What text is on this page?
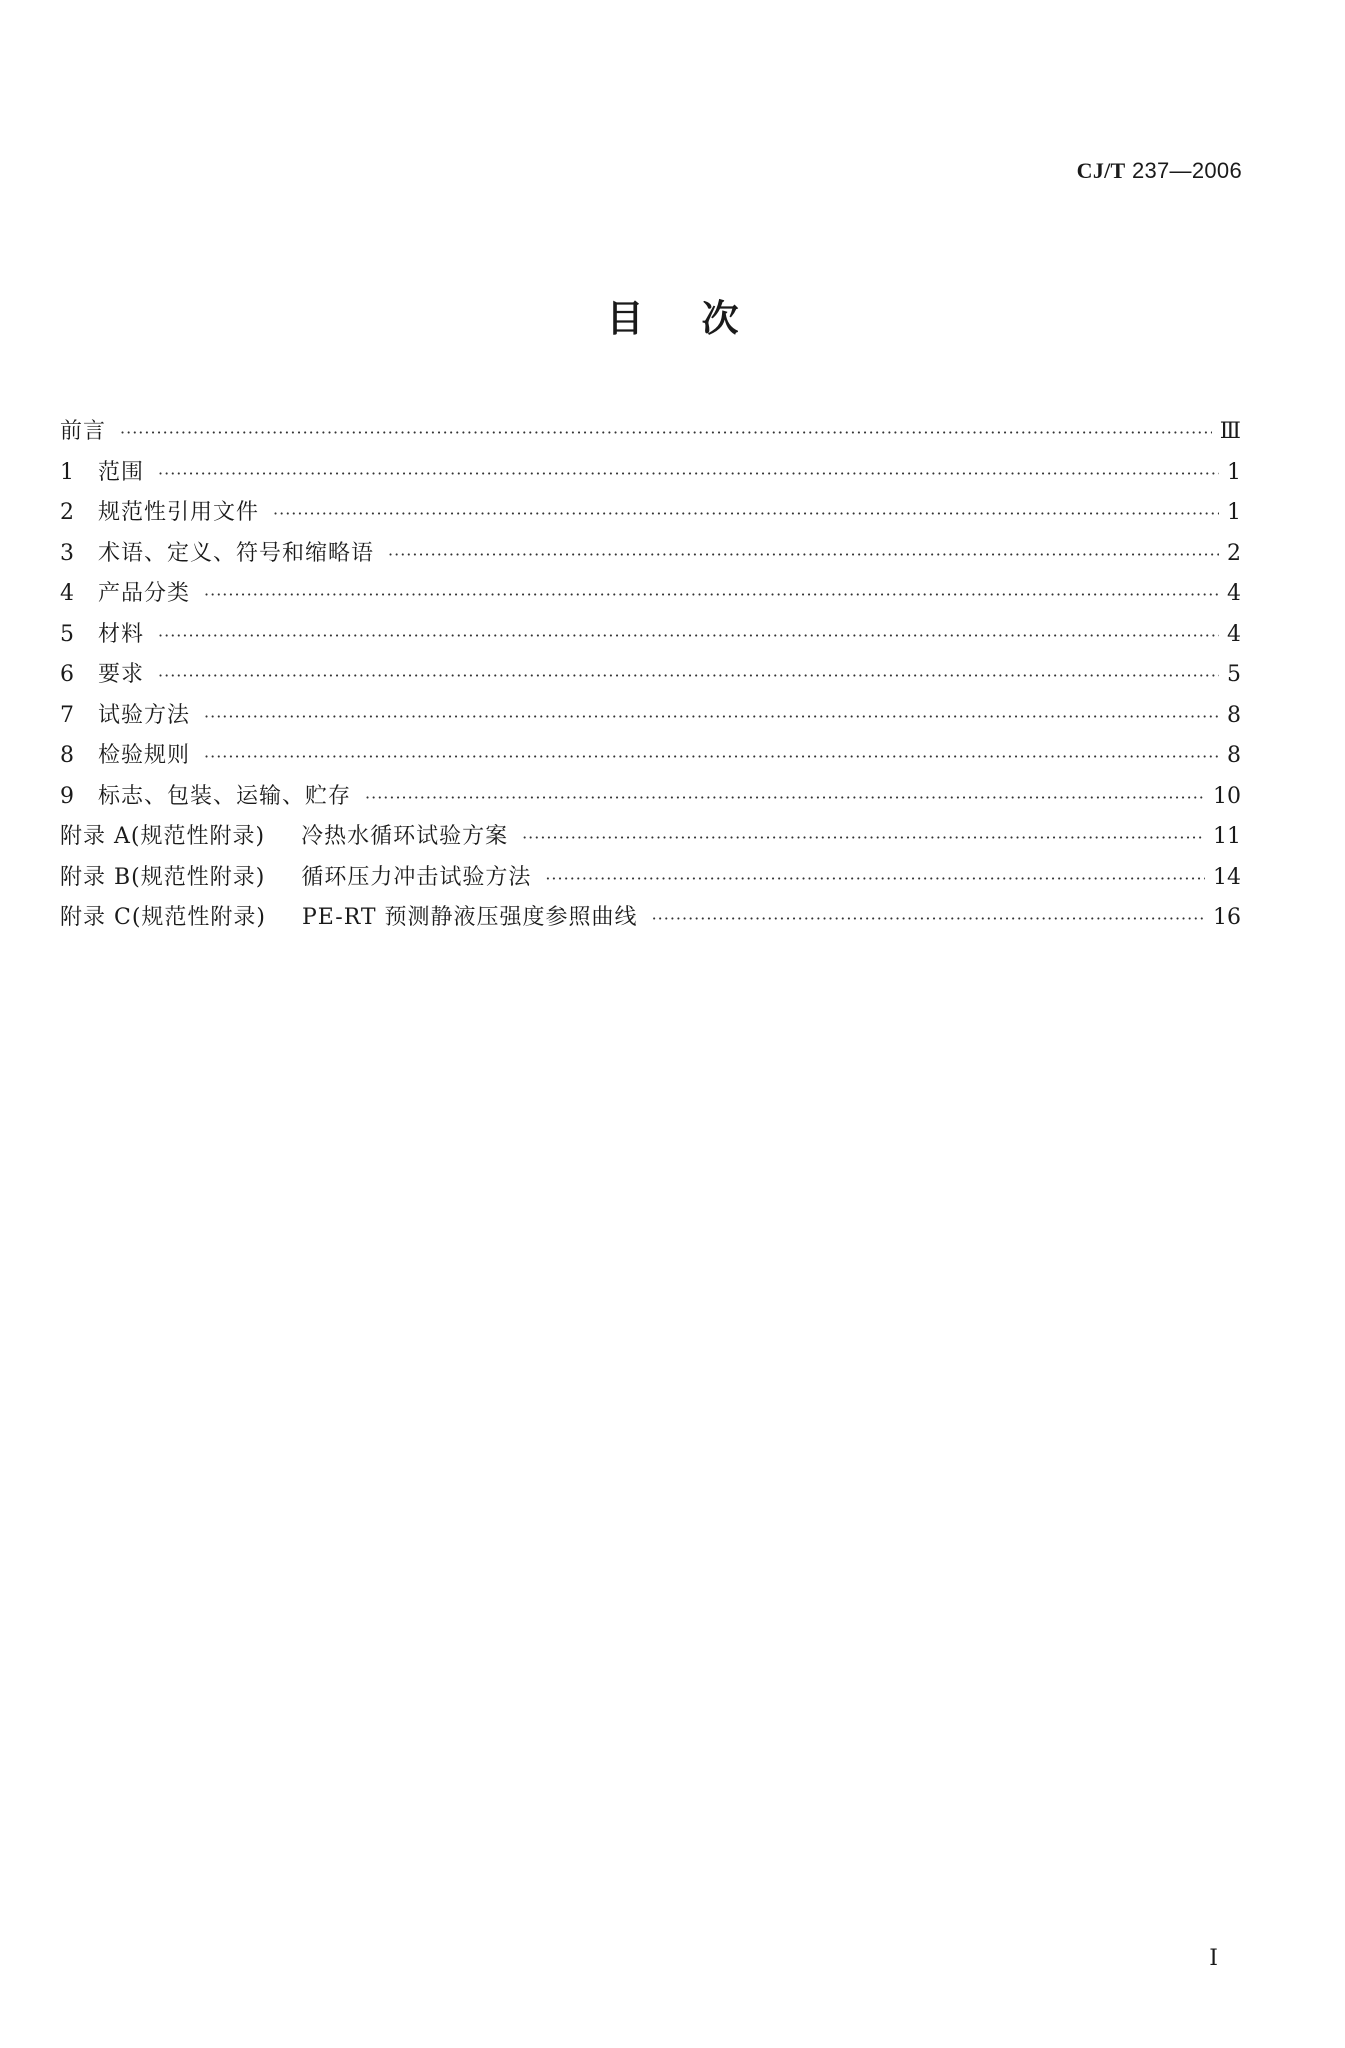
CJ/T 237—2006
目次
前言 ·····	Ⅲ
1	范围 ·····	1
2	规范性引用文件 ·····	1
3	术语、定义、符号和缩略语 ·····	2
4	产品分类 ·····	4
5	材料 ·····	4
6	要求 ·····	5
7	试验方法 ·····	8
8	检验规则 ·····	8
9	标志、包装、运输、贮存 ·····	10
附录 A(规范性附录) 冷热水循环试验方案 ·····	11
附录 B(规范性附录) 循环压力冲击试验方法 ·····	14
附录 C(规范性附录) PE-RT 预测静液压强度参照曲线 ·····	16
I
